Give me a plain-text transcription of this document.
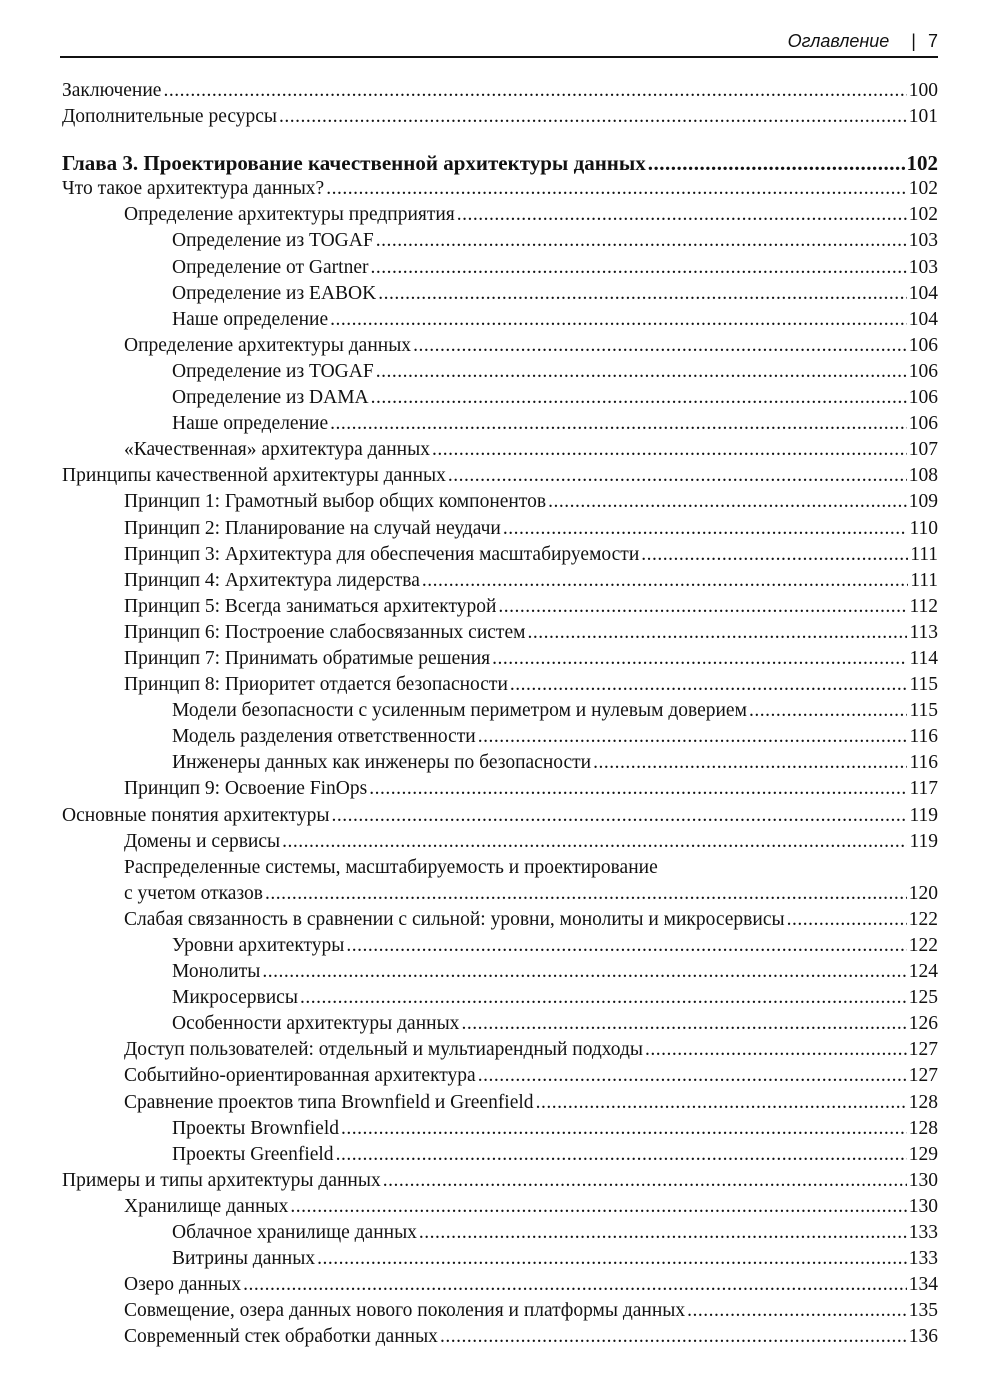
Оглавление | 7
Заключение .....	100
Дополнительные ресурсы .....	101
Глава 3. Проектирование качественной архитектуры данных .....	102
Что такое архитектура данных? .....	102
Определение архитектуры предприятия .....	102
Определение из TOGAF .....	103
Определение от Gartner .....	103
Определение из EABOK .....	104
Наше определение .....	104
Определение архитектуры данных .....	106
Определение из TOGAF .....	106
Определение из DAMA .....	106
Наше определение .....	106
«Качественная» архитектура данных .....	107
Принципы качественной архитектуры данных .....	108
Принцип 1: Грамотный выбор общих компонентов .....	109
Принцип 2: Планирование на случай неудачи .....	110
Принцип 3: Архитектура для обеспечения масштабируемости .....	111
Принцип 4: Архитектура лидерства .....	111
Принцип 5: Всегда заниматься архитектурой .....	112
Принцип 6: Построение слабосвязанных систем .....	113
Принцип 7: Принимать обратимые решения .....	114
Принцип 8: Приоритет отдается безопасности .....	115
Модели безопасности с усиленным периметром и нулевым доверием .....	115
Модель разделения ответственности .....	116
Инженеры данных как инженеры по безопасности .....	116
Принцип 9: Освоение FinOps .....	117
Основные понятия архитектуры .....	119
Домены и сервисы .....	119
Распределенные системы, масштабируемость и проектирование
с учетом отказов .....	120
Слабая связанность в сравнении с сильной: уровни, монолиты и микросервисы .....	122
Уровни архитектуры .....	122
Монолиты .....	124
Микросервисы .....	125
Особенности архитектуры данных .....	126
Доступ пользователей: отдельный и мультиарендный подходы .....	127
Событийно-ориентированная архитектура .....	127
Сравнение проектов типа Brownfield и Greenfield .....	128
Проекты Brownfield .....	128
Проекты Greenfield .....	129
Примеры и типы архитектуры данных .....	130
Хранилище данных .....	130
Облачное хранилище данных .....	133
Витрины данных .....	133
Озеро данных .....	134
Совмещение, озера данных нового поколения и платформы данных .....	135
Современный стек обработки данных .....	136
